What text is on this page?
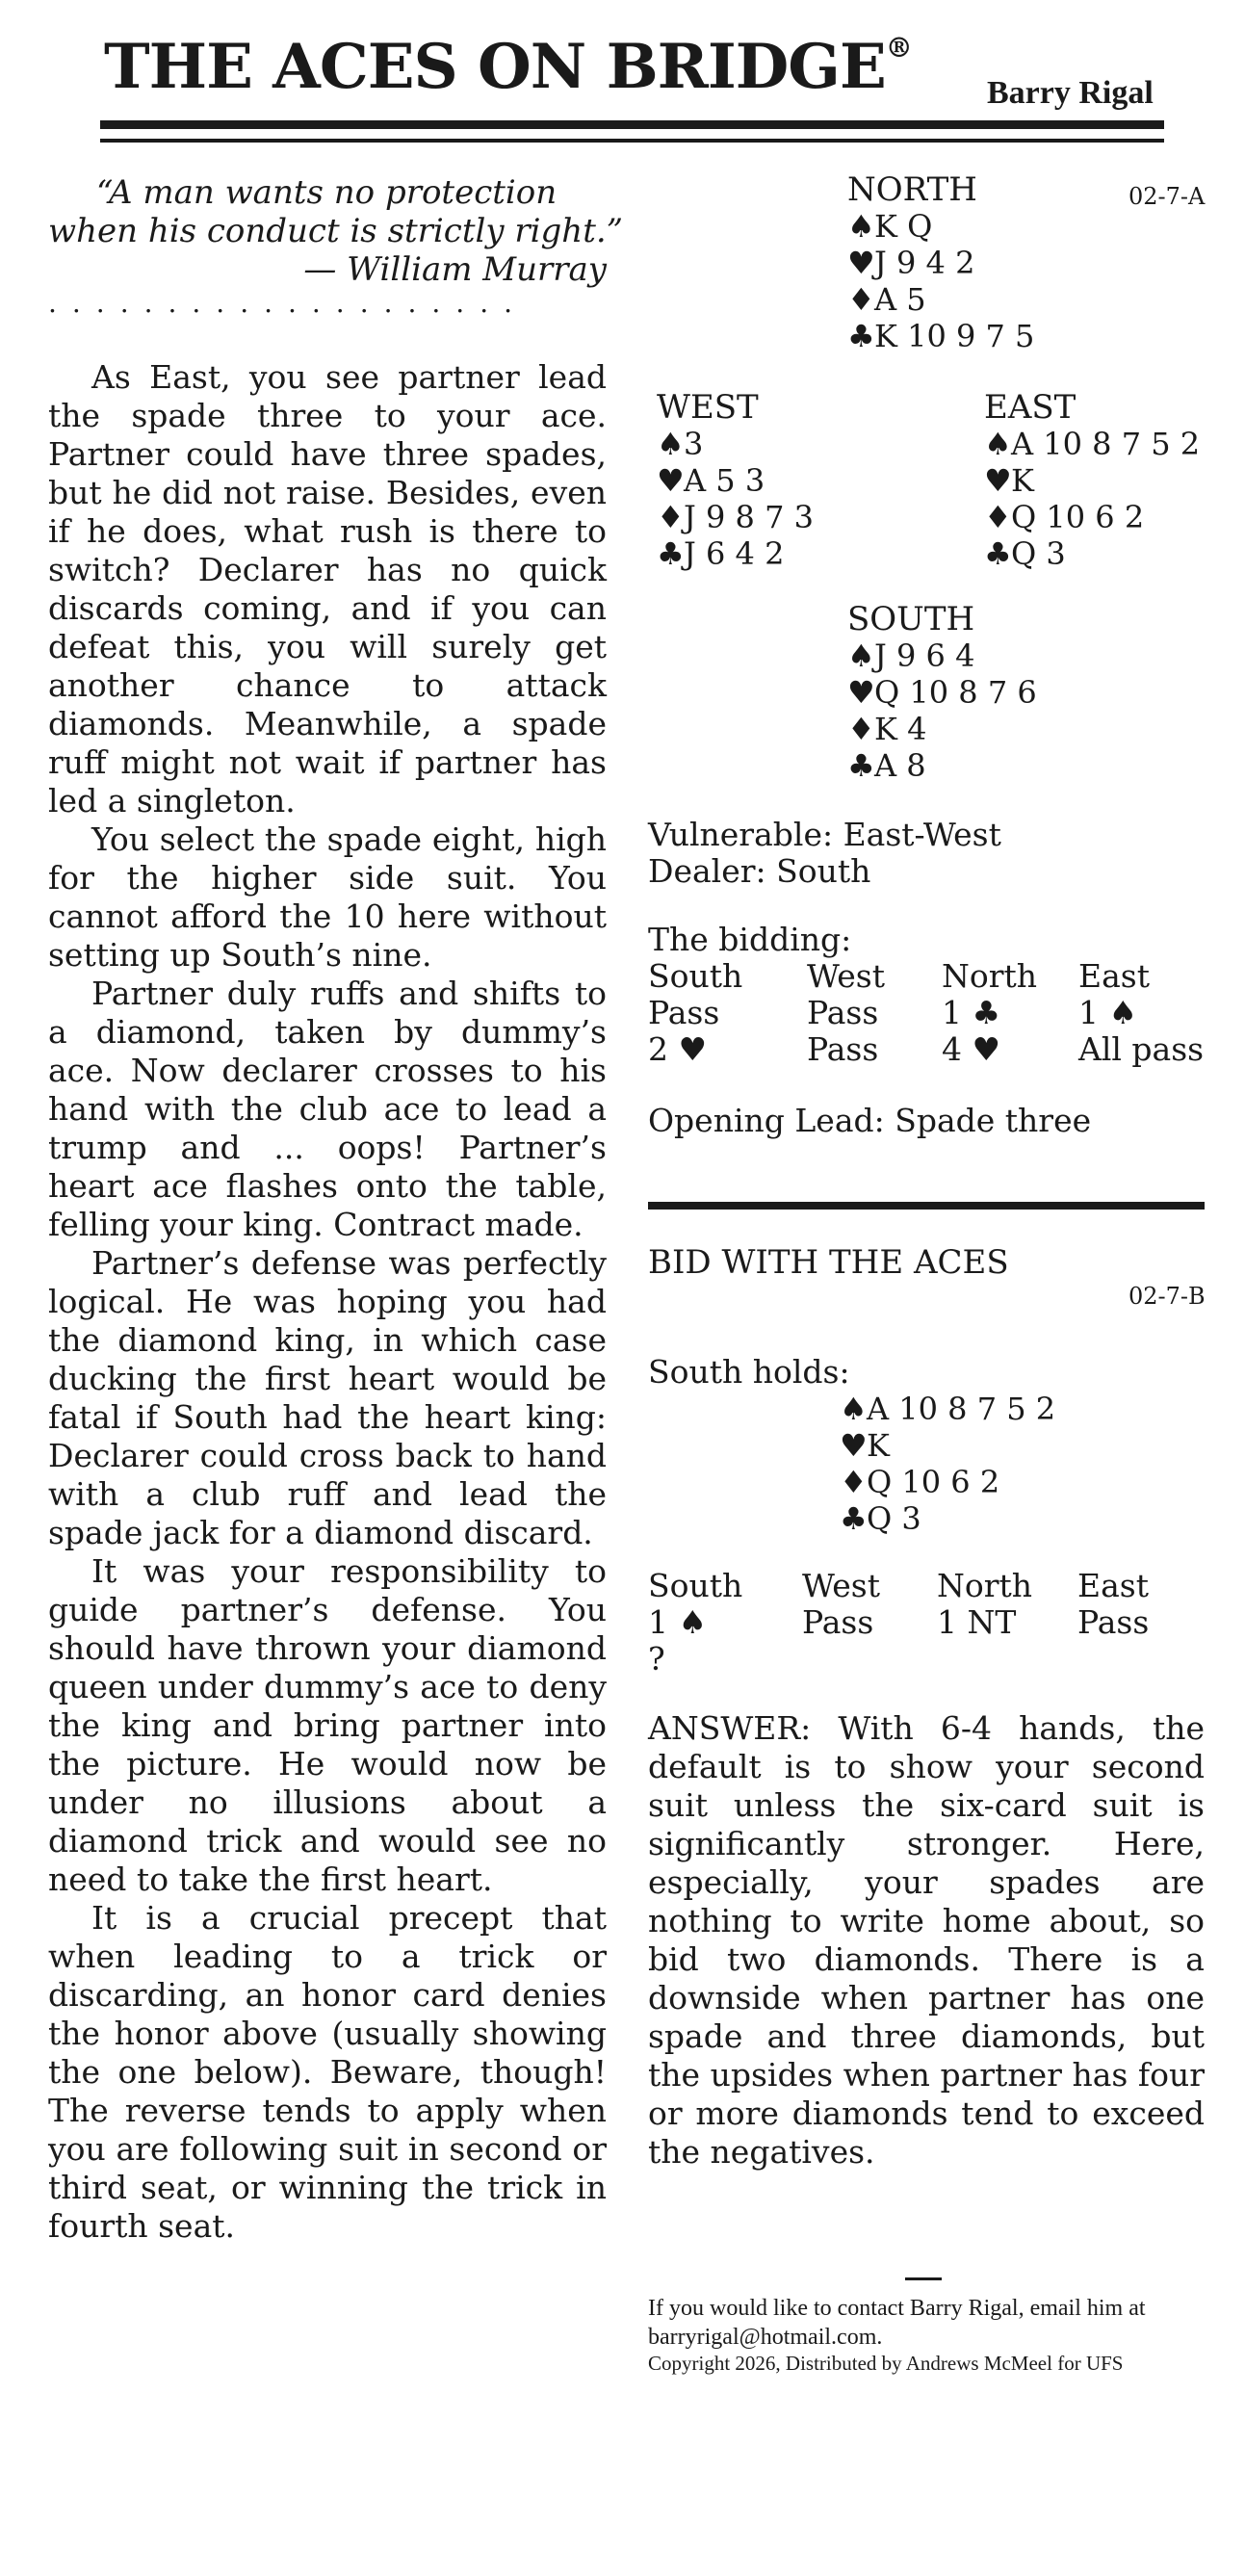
THE ACES ON BRIDGE®
Barry Rigal
“A man wants no protection
when his conduct is strictly right.”
— William Murray
....................

As East, you see partner lead the spade three to your ace. Partner could have three spades, but he did not raise. Besides, even if he does, what rush is there to switch? Declarer has no quick discards coming, and if you can defeat this, you will surely get another chance to attack diamonds. Meanwhile, a spade ruff might not wait if partner has led a singleton.

You select the spade eight, high for the higher side suit. You cannot afford the 10 here without setting up South’s nine.

Partner duly ruffs and shifts to a diamond, taken by dummy’s ace. Now declarer crosses to his hand with the club ace to lead a trump and ... oops! Partner’s heart ace flashes onto the table, felling your king. Contract made.

Partner’s defense was perfectly logical. He was hoping you had the diamond king, in which case ducking the first heart would be fatal if South had the heart king: Declarer could cross back to hand with a club ruff and lead the spade jack for a diamond discard.

It was your responsibility to guide partner’s defense. You should have thrown your diamond queen under dummy’s ace to deny the king and bring partner into the picture. He would now be under no illusions about a diamond trick and would see no need to take the first heart.

It is a crucial precept that when leading to a trick or discarding, an honor card denies the honor above (usually showing the one below). Beware, though! The reverse tends to apply when you are following suit in second or third seat, or winning the trick in fourth seat.

02-7-A
NORTH
♠K Q
♥J 9 4 2
♦A 5
♣K 10 9 7 5
WEST
♠3
♥A 5 3
♦J 9 8 7 3
♣J 6 4 2
EAST
♠A 10 8 7 5 2
♥K
♦Q 10 6 2
♣Q 3
SOUTH
♠J 9 6 4
♥Q 10 8 7 6
♦K 4
♣A 8
Vulnerable: East-West
Dealer: South
The bidding:
South	West	North	East
Pass	Pass	1 ♣	1 ♠
2 ♥	Pass	4 ♥	All pass
Opening Lead: Spade three
BID WITH THE ACES
02-7-B
South holds:
♠A 10 8 7 5 2
♥K
♦Q 10 6 2
♣Q 3
South	West	North	East
1 ♠	Pass	1 NT	Pass
?			
ANSWER: With 6-4 hands, the default is to show your second suit unless the six-card suit is significantly stronger. Here, especially, your spades are nothing to write home about, so bid two diamonds. There is a downside when partner has one spade and three diamonds, but the upsides when partner has four or more diamonds tend to exceed the negatives.
If you would like to contact Barry Rigal, email him at barryrigal@hotmail.com.
Copyright 2026, Distributed by Andrews McMeel for UFS
